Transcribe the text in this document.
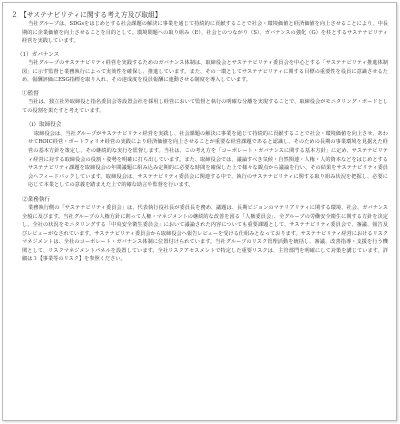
２ 【サステナビリティに関する考え方及び取組】
当社グループは、SDGsをはじめとする社会課題の解決に事業を通じて持続的に貢献することで社会・環境価値と経済価値を向上させることにより、中長期的に企業価値を向上させることを目的として、環境問題への取り組み（E）、社会とのつながり（S）、ガバナンスの強化（G）を柱とするサステナビリティ経営を実践しています。
（1）ガバナンス
当社グループのサステナビリティ経営を実践するためのガバナンス体制は、取締役会とサステナビリティ委員会を中心とする「サステナビリティ推進体制図」に示す監督と業務執行によって実効性を確保し、推進しています。また、その一環としてサステナビリティに関する目標の重要性を役員に意識させるため、報酬評価にESG指標を取り入れ、その達成度を役員報酬に連動させる制度を導入しています。
①監督
当社は、独立社外取締役と指名委員会等設置会社を採用し経営において監督と執行の明確な分離を実現することで、取締役会がモニタリング・ボードとしての役割を果たすと考えています。
（i）取締役会
取締役会は、当社グループがサステナビリティ経営を実践し、社会課題の解決に事業を通じて持続的に貢献することで社会・環境価値を向上させ、あわせてROIC経営・ポートフォリオ経営の実践により経済価値を向上させることが重要な経営課題であると認識し、そのための長期の事業環境を見据えた経営の基本方針を策定し、その継続的な実行を監督します。当社は、この考え方を「コーポレート・ガバナンスに関する基本方針」に定め、サステナビリティ経営に対する取締役会の役割・姿勢を明確に打ち出しています。また、取締役会では、議論すべき気候・自然関連・人権・人的資本などをはじめとするサステナビリティ課題を取締役会の年間議題に組み込み定期的に必要な時間を確保した上で様々な観点から議論を行い、その結果をサステナビリティ委員会へフィードバックしています。取締役会は、サステナビリティ委員会に関連する中で、執行のサステナビリティに関する取り組み状況を把握し、必要に応じて本業としての意義を踏まえた上で的確な助言や監督を行います。
②業務執行
業務執行側の「サステナビリティ委員会」は、代表執行役社長が委員長を務め、議題は、長期ビジョンのマテリアリティに関する環境、社会、ガバナンス全般に及びます。当社グループの人権方針に則って人権・マネジメントの継続的な改善を図る「人権委員会」、全グループの労働安全衛生に関する方針を決定し、全社の状況をモニタリングする「中央安全衛生委員会」において議論された内容についても重要課題として、サステナビリティ委員会で、審議、報告及びレビューがなされています。サステナビリティ委員会から取締役会へ報告レビューを受ける仕組みとなっております。サステナビリティ経営におけるリスクマネジメントは、全社のコーポレート・ガバナンス体制に位置付けられています。当社グループのリスク管理活動を統括し、審議、改善指導・支援を行う機関として、リスクマネジメントパネルを設置しています。全社リスクアセスメントで特定した重要リスクは、主管部門を明確にして対策を講じています。詳細は３【事業等のリスク】を参照ください。
